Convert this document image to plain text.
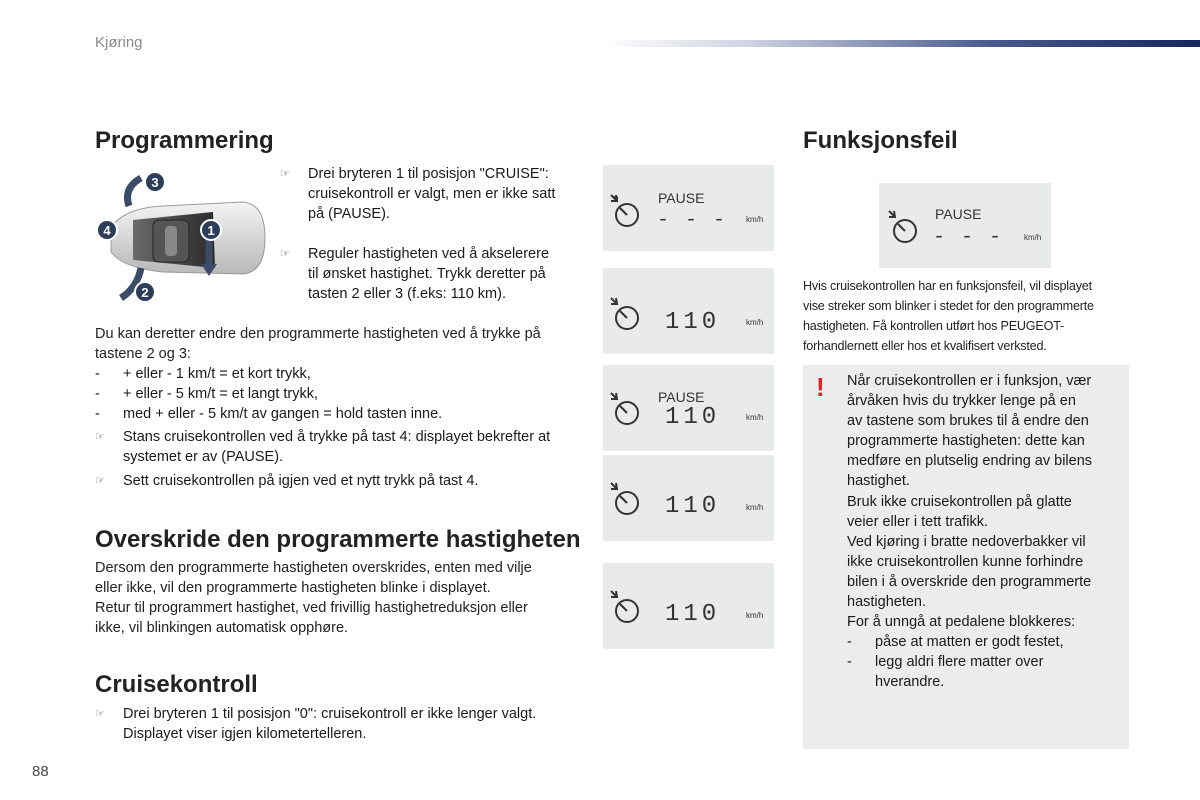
Kjøring
Programmering
3
4	1
2
☞ Drei bryteren 1 til posisjon "CRUISE":
cruisekontroll er valgt, men er ikke satt
på (PAUSE).
☞ Reguler hastigheten ved å akselerere
til ønsket hastighet. Trykk deretter på
tasten 2 eller 3 (f.eks: 110 km).
Du kan deretter endre den programmerte hastigheten ved å trykke på
tastene 2 og 3:
- + eller - 1 km/t = et kort trykk,
- + eller - 5 km/t = et langt trykk,
- med + eller - 5 km/t av gangen = hold tasten inne.
☞ Stans cruisekontrollen ved å trykke på tast 4: displayet bekrefter at
systemet er av (PAUSE).
☞ Sett cruisekontrollen på igjen ved et nytt trykk på tast 4.
Overskride den programmerte hastigheten
Dersom den programmerte hastigheten overskrides, enten med vilje
eller ikke, vil den programmerte hastigheten blinke i displayet.
Retur til programmert hastighet, ved frivillig hastighetreduksjon eller
ikke, vil blinkingen automatisk opphøre.
Cruisekontroll
☞ Drei bryteren 1 til posisjon "0": cruisekontroll er ikke lenger valgt.
Displayet viser igjen kilometertelleren.
PAUSE
- - - km/h
110	km/h
PAUSE
110	km/h
110	km/h
110	km/h
Funksjonsfeil
PAUSE
- - -	km/h
Hvis cruisekontrollen har en funksjonsfeil, vil displayet
vise streker som blinker i stedet for den programmerte
hastigheten. Få kontrollen utført hos PEUGEOT-
forhandlernett eller hos et kvalifisert verksted.
! Når cruisekontrollen er i funksjon, vær
årvåken hvis du trykker lenge på en
av tastene som brukes til å endre den
programmerte hastigheten: dette kan
medføre en plutselig endring av bilens
hastighet.
Bruk ikke cruisekontrollen på glatte
veier eller i tett trafikk.
Ved kjøring i bratte nedoverbakker vil
ikke cruisekontrollen kunne forhindre
bilen i å overskride den programmerte
hastigheten.
For å unngå at pedalene blokkeres:
- påse at matten er godt festet,
- legg aldri flere matter over
hverandre.
88
